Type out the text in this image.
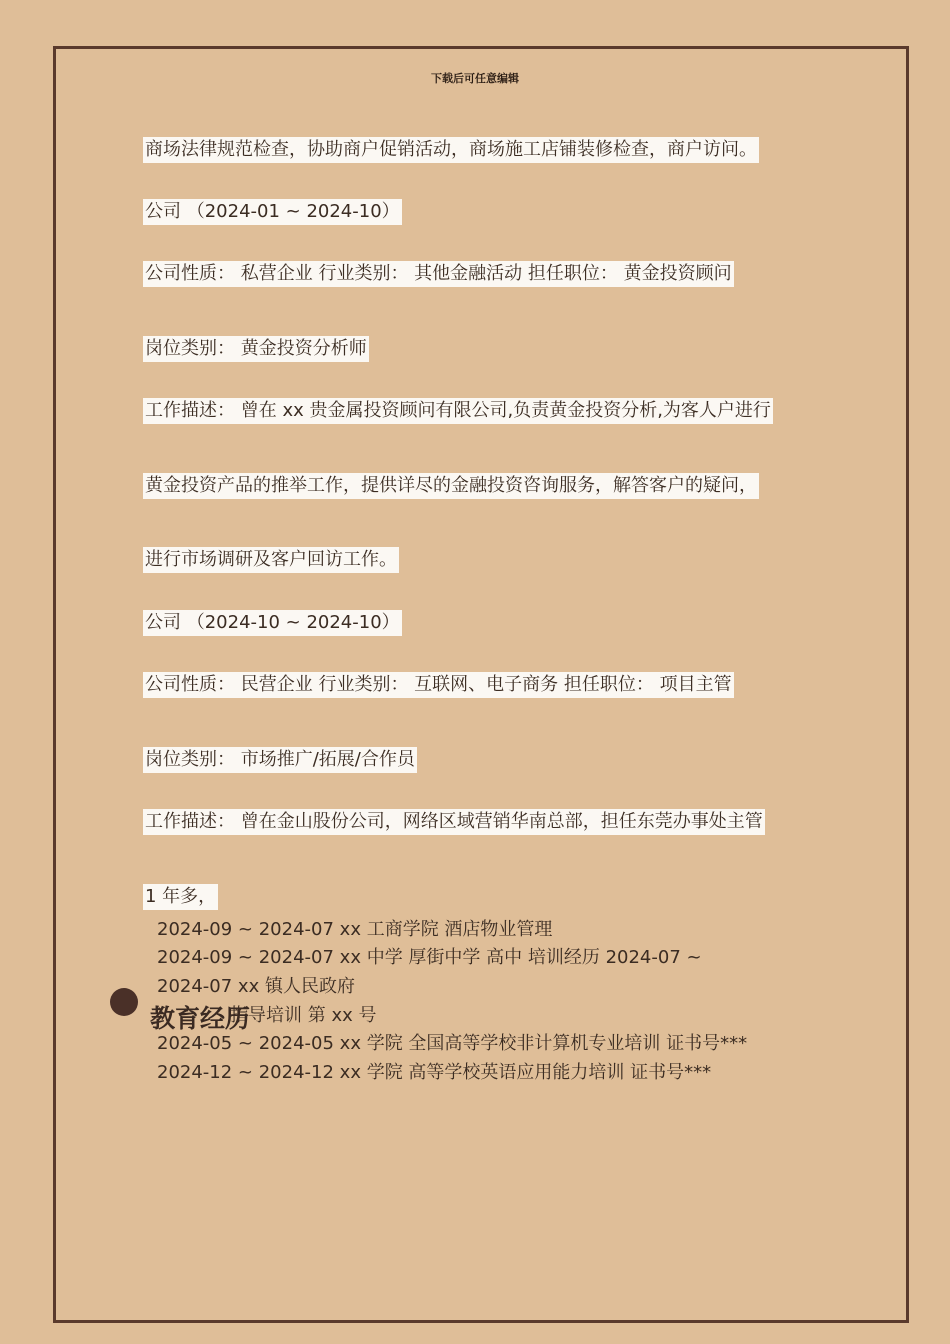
下载后可任意编辑
商场法律规范检查，协助商户促销活动，商场施工店铺装修检查，商户访问。
公司 （2024-01 ~ 2024-10）
公司性质： 私营企业 行业类别： 其他金融活动 担任职位： 黄金投资顾问
岗位类别： 黄金投资分析师
工作描述： 曾在 xx 贵金属投资顾问有限公司,负责黄金投资分析,为客人户进行
黄金投资产品的推举工作，提供详尽的金融投资咨询服务，解答客户的疑问，
进行市场调研及客户回访工作。
公司 （2024-10 ~ 2024-10）
公司性质： 民营企业 行业类别： 互联网、电子商务 担任职位： 项目主管
岗位类别： 市场推广/拓展/合作员
工作描述： 曾在金山股份公司，网络区域营销华南总部，担任东莞办事处主管
1 年多，
2024-09 ~ 2024-07 xx 工商学院 酒店物业管理
2024-09 ~ 2024-07 xx 中学 厚街中学 高中 培训经历 2024-07 ~
2024-07 xx 镇人民政府
指导培训 第 xx 号
2024-05 ~ 2024-05 xx 学院 全国高等学校非计算机专业培训 证书号***
2024-12 ~ 2024-12 xx 学院 高等学校英语应用能力培训 证书号***
教育经历
